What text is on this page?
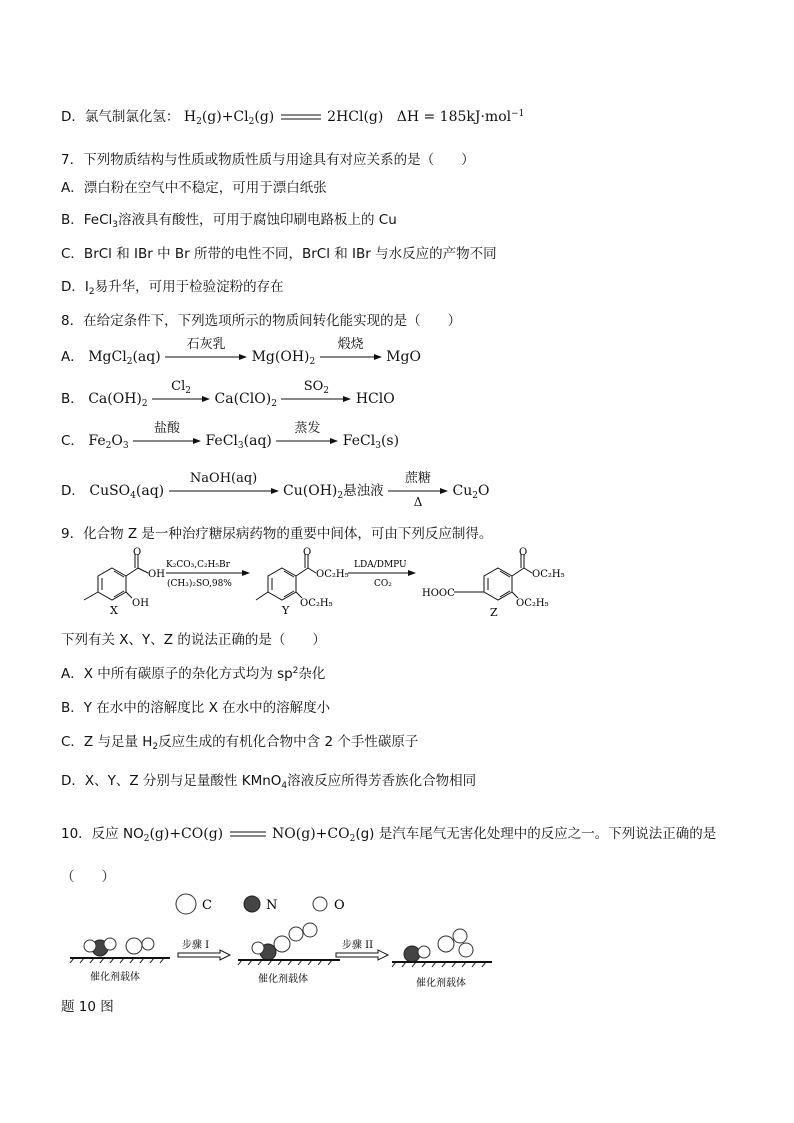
D．氯气制氯化氢： $H_2(g)+Cl_2(g)$	2HCl(g) ΔH = 185kJ·mol$^{-1}$
7．下列物质结构与性质或物质性质与用途具有对应关系的是（　　）
A．漂白粉在空气中不稳定，可用于漂白纸张
B．FeCl$_3$溶液具有酸性，可用于腐蚀印刷电路板上的 Cu
C．BrCl 和 IBr 中 Br 所带的电性不同，BrCl 和 IBr 与水反应的产物不同
D．$I_2$易升华，可用于检验淀粉的存在
8．在给定条件下，下列选项所示的物质间转化能实现的是（　　）
A． MgCl$_2$(aq)
石灰乳
$Mg(OH)_2$
煅烧
MgO
B． $Ca(OH)_2$
$Cl_2$	$Ca(ClO)_2$
$SO_2$	HClO
C． $Fe_2O_3$
盐酸
FeCl$_3$(aq)
蒸发
FeCl$_3$(s)
D． CuSO$_4$(aq)
NaOH(aq)
$Cu(OH)_2$悬浊液
蔗糖
Δ
$Cu_2O$
9．化合物 Z 是一种治疗糖尿病药物的重要中间体，可由下列反应制得。
O
OH
OH
X
K₂CO₃,C₂H₅Br
(CH₃)₂SO,98%
O
OC₂H₅
OC₂H₅
Y
LDA/DMPU
CO₂
HOOC
O
OC₂H₅
OC₂H₅
Z
下列有关 X、Y、Z 的说法正确的是（　　）
A．X 中所有碳原子的杂化方式均为 $sp^2$杂化
B．Y 在水中的溶解度比 X 在水中的溶解度小
C．Z 与足量 $H_2$反应生成的有机化合物中含 2 个手性碳原子
D．X、Y、Z 分别与足量酸性 KMnO$_4$溶液反应所得芳香族化合物相同
10．反应 $NO_2(g)+CO(g)$	$NO(g)+CO_2(g)$ 是汽车尾气无害化处理中的反应之一。下列说法正确的是
（　　）
C	N	O
催化剂载体
步骤 I
催化剂载体
步骤 II
催化剂载体
题 10 图
